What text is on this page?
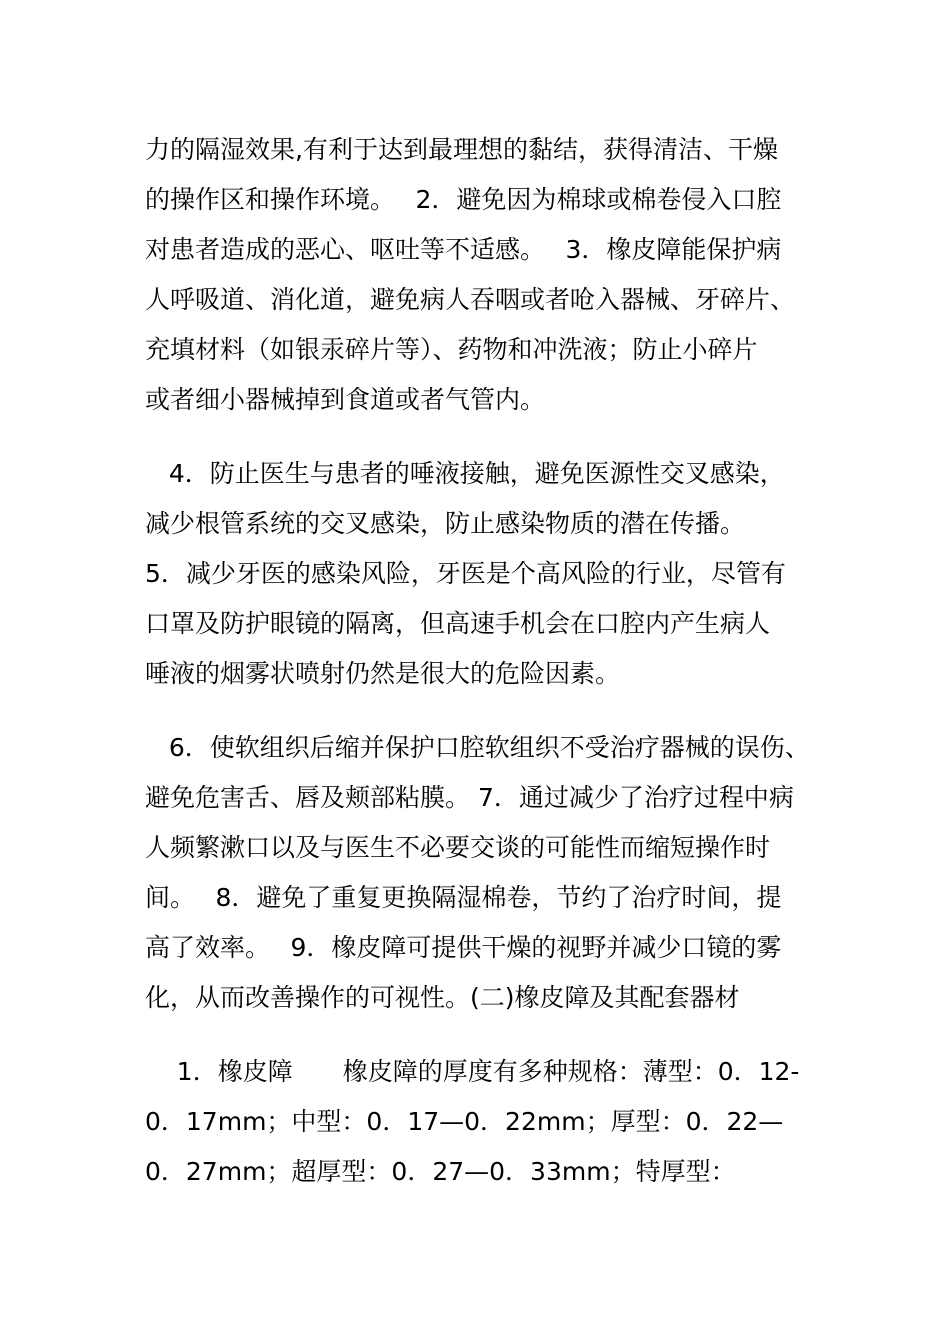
力的隔湿效果,有利于达到最理想的黏结，获得清洁、干燥
的操作区和操作环境。　 2．避免因为棉球或棉卷侵入口腔
对患者造成的恶心、呕吐等不适感。　 3．橡皮障能保护病
人呼吸道、消化道，避免病人吞咽或者呛入器械、牙碎片、
充填材料（如银汞碎片等）、药物和冲洗液；防止小碎片
或者细小器械掉到食道或者气管内。
4．防止医生与患者的唾液接触，避免医源性交叉感染，
减少根管系统的交叉感染，防止感染物质的潜在传播。
5．减少牙医的感染风险，牙医是个高风险的行业，尽管有
口罩及防护眼镜的隔离，但高速手机会在口腔内产生病人
唾液的烟雾状喷射仍然是很大的危险因素。
6．使软组织后缩并保护口腔软组织不受治疗器械的误伤、
避免危害舌、唇及颊部粘膜。 7．通过减少了治疗过程中病
人频繁漱口以及与医生不必要交谈的可能性而缩短操作时
间。　 8．避免了重复更换隔湿棉卷，节约了治疗时间，提
高了效率。　 9．橡皮障可提供干燥的视野并减少口镜的雾
化，从而改善操作的可视性。(二)橡皮障及其配套器材
1．橡皮障　　橡皮障的厚度有多种规格：薄型：0．12-
0．17mm；中型：0．17—0．22mm；厚型：0．22—
0．27mm；超厚型：0．27—0．33mm；特厚型：
